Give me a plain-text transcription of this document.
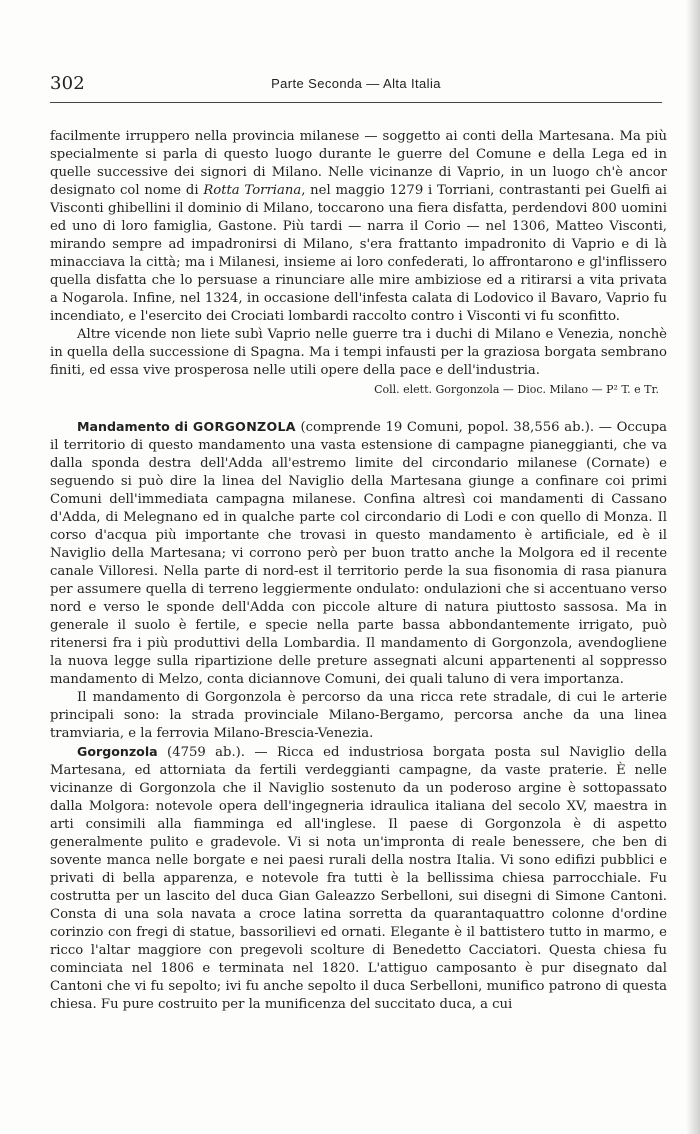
302	Parte Seconda — Alta Italia

facilmente irruppero nella provincia milanese — soggetto ai conti della Martesana. Ma più specialmente si parla di questo luogo durante le guerre del Comune e della Lega ed in quelle successive dei signori di Milano. Nelle vicinanze di Vaprio, in un luogo ch'è ancor designato col nome di Rotta Torriana, nel maggio 1279 i Torriani, contrastanti pei Guelfi ai Visconti ghibellini il dominio di Milano, toccarono una fiera disfatta, perdendovi 800 uomini ed uno di loro famiglia, Gastone. Più tardi — narra il Corio — nel 1306, Matteo Visconti, mirando sempre ad impadronirsi di Milano, s'era frattanto impadronito di Vaprio e di là minacciava la città; ma i Milanesi, insieme ai loro confederati, lo affrontarono e gl'inflissero quella disfatta che lo persuase a rinunciare alle mire ambiziose ed a ritirarsi a vita privata a Nogarola. Infine, nel 1324, in occasione dell'infesta calata di Lodovico il Bavaro, Vaprio fu incendiato, e l'esercito dei Crociati lombardi raccolto contro i Visconti vi fu sconfitto.

Altre vicende non liete subì Vaprio nelle guerre tra i duchi di Milano e Venezia, nonchè in quella della successione di Spagna. Ma i tempi infausti per la graziosa borgata sembrano finiti, ed essa vive prosperosa nelle utili opere della pace e dell'industria.

Coll. elett. Gorgonzola — Dioc. Milano — P² T. e Tr.

Mandamento di GORGONZOLA (comprende 19 Comuni, popol. 38,556 ab.). — Occupa il territorio di questo mandamento una vasta estensione di campagne pianeggianti, che va dalla sponda destra dell'Adda all'estremo limite del circondario milanese (Cornate) e seguendo si può dire la linea del Naviglio della Martesana giunge a confinare coi primi Comuni dell'immediata campagna milanese. Confina altresì coi mandamenti di Cassano d'Adda, di Melegnano ed in qualche parte col circondario di Lodi e con quello di Monza. Il corso d'acqua più importante che trovasi in questo mandamento è artificiale, ed è il Naviglio della Martesana; vi corrono però per buon tratto anche la Molgora ed il recente canale Villoresi. Nella parte di nord-est il territorio perde la sua fisonomia di rasa pianura per assumere quella di terreno leggiermente ondulato: ondulazioni che si accentuano verso nord e verso le sponde dell'Adda con piccole alture di natura piuttosto sassosa. Ma in generale il suolo è fertile, e specie nella parte bassa abbondantemente irrigato, può ritenersi fra i più produttivi della Lombardia. Il mandamento di Gorgonzola, avendogliene la nuova legge sulla ripartizione delle preture assegnati alcuni appartenenti al soppresso mandamento di Melzo, conta diciannove Comuni, dei quali taluno di vera importanza.

Il mandamento di Gorgonzola è percorso da una ricca rete stradale, di cui le arterie principali sono: la strada provinciale Milano-Bergamo, percorsa anche da una linea tramviaria, e la ferrovia Milano-Brescia-Venezia.

Gorgonzola (4759 ab.). — Ricca ed industriosa borgata posta sul Naviglio della Martesana, ed attorniata da fertili verdeggianti campagne, da vaste praterie. È nelle vicinanze di Gorgonzola che il Naviglio sostenuto da un poderoso argine è sottopassato dalla Molgora: notevole opera dell'ingegneria idraulica italiana del secolo XV, maestra in arti consimili alla fiamminga ed all'inglese. Il paese di Gorgonzola è di aspetto generalmente pulito e gradevole. Vi si nota un'impronta di reale benessere, che ben di sovente manca nelle borgate e nei paesi rurali della nostra Italia. Vi sono edifizi pubblici e privati di bella apparenza, e notevole fra tutti è la bellissima chiesa parrocchiale. Fu costrutta per un lascito del duca Gian Galeazzo Serbelloni, sui disegni di Simone Cantoni. Consta di una sola navata a croce latina sorretta da quarantaquattro colonne d'ordine corinzio con fregi di statue, bassorilievi ed ornati. Elegante è il battistero tutto in marmo, e ricco l'altar maggiore con pregevoli scolture di Benedetto Cacciatori. Questa chiesa fu cominciata nel 1806 e terminata nel 1820. L'attiguo camposanto è pur disegnato dal Cantoni che vi fu sepolto; ivi fu anche sepolto il duca Serbelloni, munifico patrono di questa chiesa. Fu pure costruito per la munificenza del succitato duca, a cui
